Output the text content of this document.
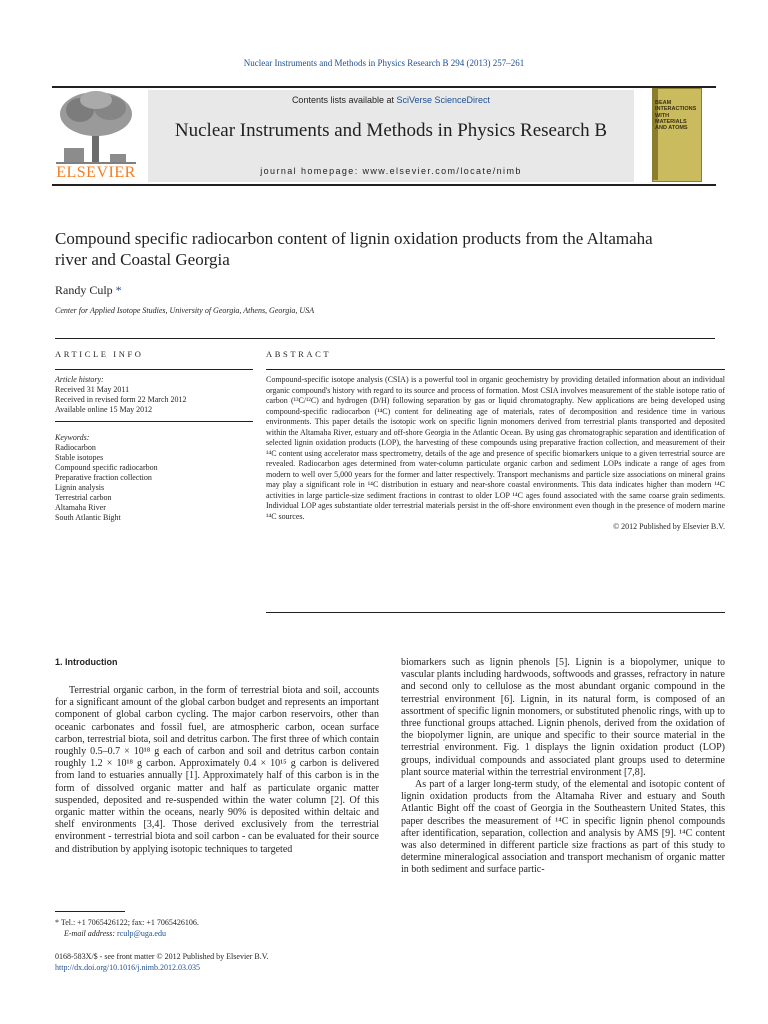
Nuclear Instruments and Methods in Physics Research B 294 (2013) 257–261
ELSEVIER
Contents lists available at SciVerse ScienceDirect
Nuclear Instruments and Methods in Physics Research B
journal homepage: www.elsevier.com/locate/nimb
BEAM INTERACTIONS WITH MATERIALS AND ATOMS
Compound specific radiocarbon content of lignin oxidation products from the Altamaha river and Coastal Georgia
Randy Culp *
Center for Applied Isotope Studies, University of Georgia, Athens, Georgia, USA
ARTICLE INFO
Article history:
Received 31 May 2011
Received in revised form 22 March 2012
Available online 15 May 2012
Keywords:
Radiocarbon
Stable isotopes
Compound specific radiocarbon
Preparative fraction collection
Lignin analysis
Terrestrial carbon
Altamaha River
South Atlantic Bight
ABSTRACT
Compound-specific isotope analysis (CSIA) is a powerful tool in organic geochemistry by providing detailed information about an individual organic compound's history with regard to its source and process of formation. Most CSIA involves measurement of the stable isotope ratio of carbon (¹³C/¹²C) and hydrogen (D/H) following separation by gas or liquid chromatography. New applications are being developed using compound-specific radiocarbon (¹⁴C) content for delineating age of materials, rates of decomposition and residence time in various environments. This paper details the isotopic work on specific lignin monomers derived from terrestrial plants transported and deposited within the Altamaha River, estuary and off-shore Georgia in the Atlantic Ocean. By using gas chromatographic separation and identification of selected lignin oxidation products (LOP), the harvesting of these compounds using preparative fraction collection, and measurement of their ¹⁴C content using accelerator mass spectrometry, details of the age and presence of specific biomarkers unique to a given terrestrial source are revealed. Radiocarbon ages determined from water-column particulate organic carbon and sediment LOPs indicate a range of ages from modern to well over 5,000 years for the former and latter respectively. Transport mechanisms and particle size associations on mineral grains may play a significant role in ¹⁴C distribution in estuary and near-shore coastal environments. This data indicates higher than modern ¹⁴C activities in large particle-size sediment fractions in contrast to older LOP ¹⁴C ages found associated with the same coarse grain sediments. Individual LOP ages substantiate older terrestrial materials persist in the off-shore environment even though in the presence of modern marine ¹⁴C sources.
© 2012 Published by Elsevier B.V.
1. Introduction

Terrestrial organic carbon, in the form of terrestrial biota and soil, accounts for a significant amount of the global carbon budget and represents an important component of global carbon cycling. The major carbon reservoirs, other than oceanic carbonates and fossil fuel, are atmospheric carbon, ocean surface carbon, terrestrial biota, soil and detritus carbon. The first three of which contain roughly 0.5–0.7 × 10¹⁸ g each of carbon and soil and detritus carbon contain roughly 1.2 × 10¹⁸ g carbon. Approximately 0.4 × 10¹⁵ g carbon is delivered from land to estuaries annually [1]. Approximately half of this carbon is in the form of dissolved organic matter and half as particulate organic matter suspended, deposited and re-suspended within the water column [2]. Of this organic matter within the oceans, nearly 90% is deposited within deltaic and shelf environments [3,4]. Those derived exclusively from the terrestrial environment - terrestrial biota and soil carbon - can be evaluated for their source and distribution by applying isotopic techniques to targeted

biomarkers such as lignin phenols [5]. Lignin is a biopolymer, unique to vascular plants including hardwoods, softwoods and grasses, refractory in nature and second only to cellulose as the most abundant organic compound in the terrestrial environment [6]. Lignin, in its natural form, is composed of an assortment of specific lignin monomers, or substituted phenolic rings, with up to three functional groups attached. Lignin phenols, derived from the oxidation of the biopolymer lignin, are unique and specific to their source material in the terrestrial environment. Fig. 1 displays the lignin oxidation product (LOP) groups, individual compounds and associated plant groups used to determine plant source material within the terrestrial environment [7,8].

As part of a larger long-term study, of the elemental and isotopic content of lignin oxidation products from the Altamaha River and estuary and South Atlantic Bight off the coast of Georgia in the Southeastern United States, this paper describes the measurement of ¹⁴C in specific lignin phenol compounds after identification, separation, collection and analysis by AMS [9]. ¹⁴C content was also determined in different particle size fractions as part of this study to determine mineralogical association and transport mechanism of organic matter in both sediment and surface partic-

* Tel.: +1 7065426122; fax: +1 7065426106.
E-mail address: rculp@uga.edu
0168-583X/$ - see front matter © 2012 Published by Elsevier B.V.
http://dx.doi.org/10.1016/j.nimb.2012.03.035
